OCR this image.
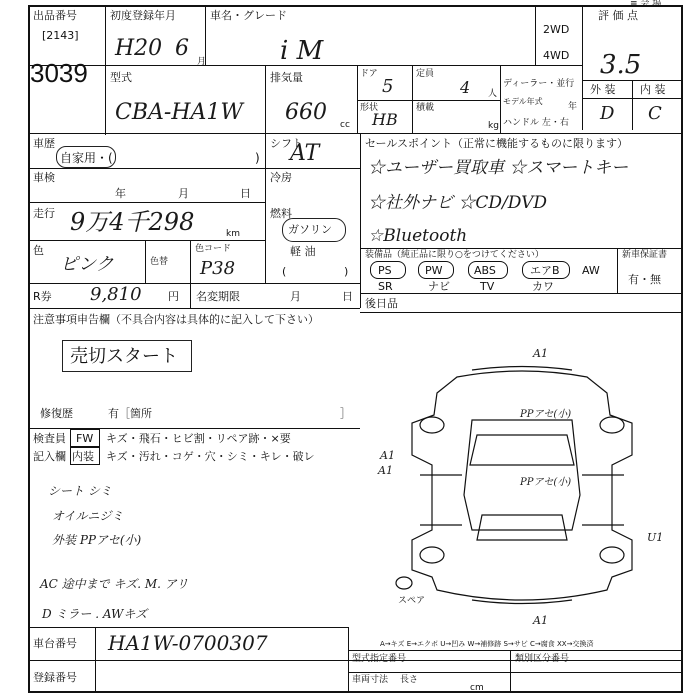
出品番号
[2143]
3039
初度登録年月
H20 6
月
車名・グレード
i M
2WD
4WD
評 価 点
3.5
外 装 内 装
D C
≡ 会 場
型式
CBA-HA1W
排気量
660 cc
ドア
5
定員
4 人
形状
HB
積載
kg
ディーラー・並行
モデル年式
年
ハンドル 左・右
車歴
自家用・(	)
シフト
AT
車検
年	月	日
冷房
走行 9万4千298	km
燃料
ガソリン
軽 油
(	)
色
ピンク	色替
色コード
P38
R券 9,810 円 名変期限	月	日
注意事項申告欄（不具合内容は具体的に記入して下さい）
売切スタート
修復歴	有［箇所	］
セールスポイント（正常に機能するものに限ります）
☆ユーザー買取車 ☆スマートキー
☆社外ナビ ☆CD/DVD
☆Bluetooth
装備品（純正品に限り○をつけてください）	新車保証書
PS	PW	ABS	エアB AW
SR	ナビ	TV	カワ
有・無
後日品
検査員
記入欄
FW
内装
キズ・飛石・ヒビ割・リペア跡・×要
キズ・汚れ・コゲ・穴・シミ・キレ・破レ
シート シミ
オイルニジミ
外装 PPアセ(小)
AC 途中まで キズ. M. アリ
D ミラー . AWキズ
A1
A1
PPアセ(小)
PPアセ(小)
A1
U1
スペア
A1
A→キズ E→エクボ U→凹み W→補修跡 S→サビ C→腐食 XX→交換済
車台番号 HA1W-0700307
登録番号
型式指定番号	類別区分番号
車両寸法 長さ
cm
